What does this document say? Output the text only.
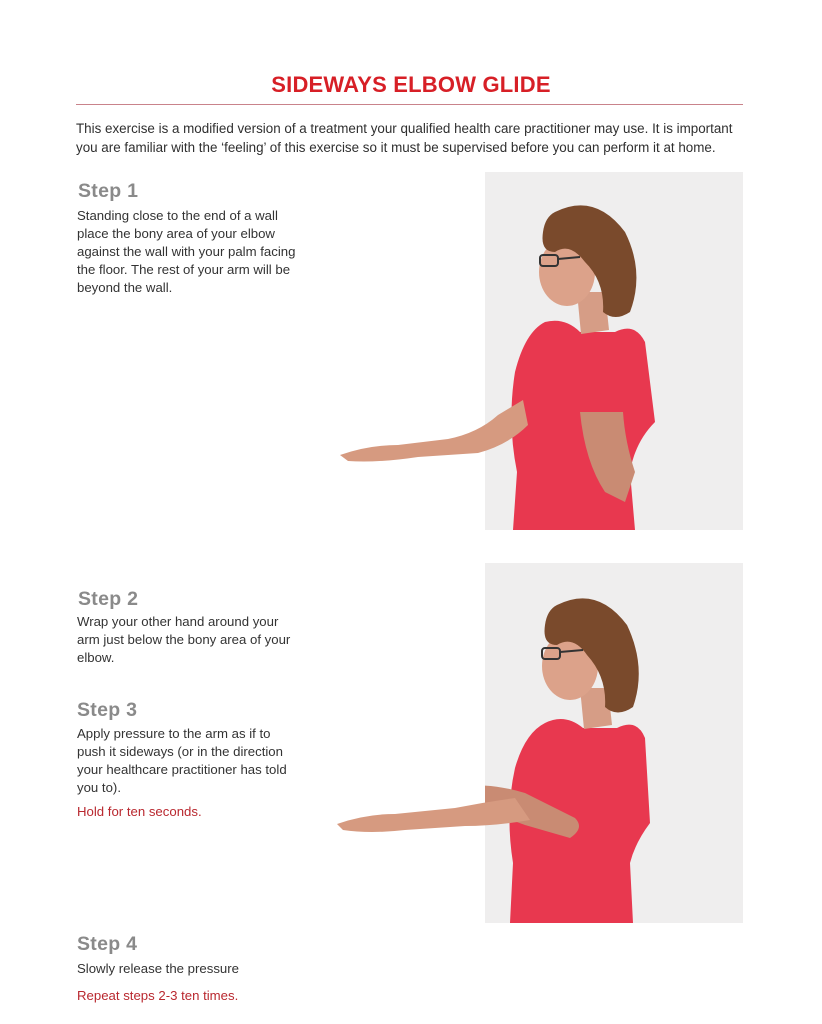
SIDEWAYS ELBOW GLIDE
This exercise is a modified version of a treatment your qualified health care practitioner may use. It is important you are familiar with the ‘feeling’ of this exercise so it must be supervised before you can perform it at home.
Step 1
Standing close to the end of a wall place the bony area of your elbow against the wall with your palm facing the floor. The rest of your arm will be beyond the wall.
Step 2
Wrap your other hand around your arm just below the bony area of your elbow.
Step 3
Apply pressure to the arm as if to push it sideways (or in the direction your healthcare practitioner has told you to).
Hold for ten seconds.
Step 4
Slowly release the pressure
Repeat steps 2-3 ten times.
